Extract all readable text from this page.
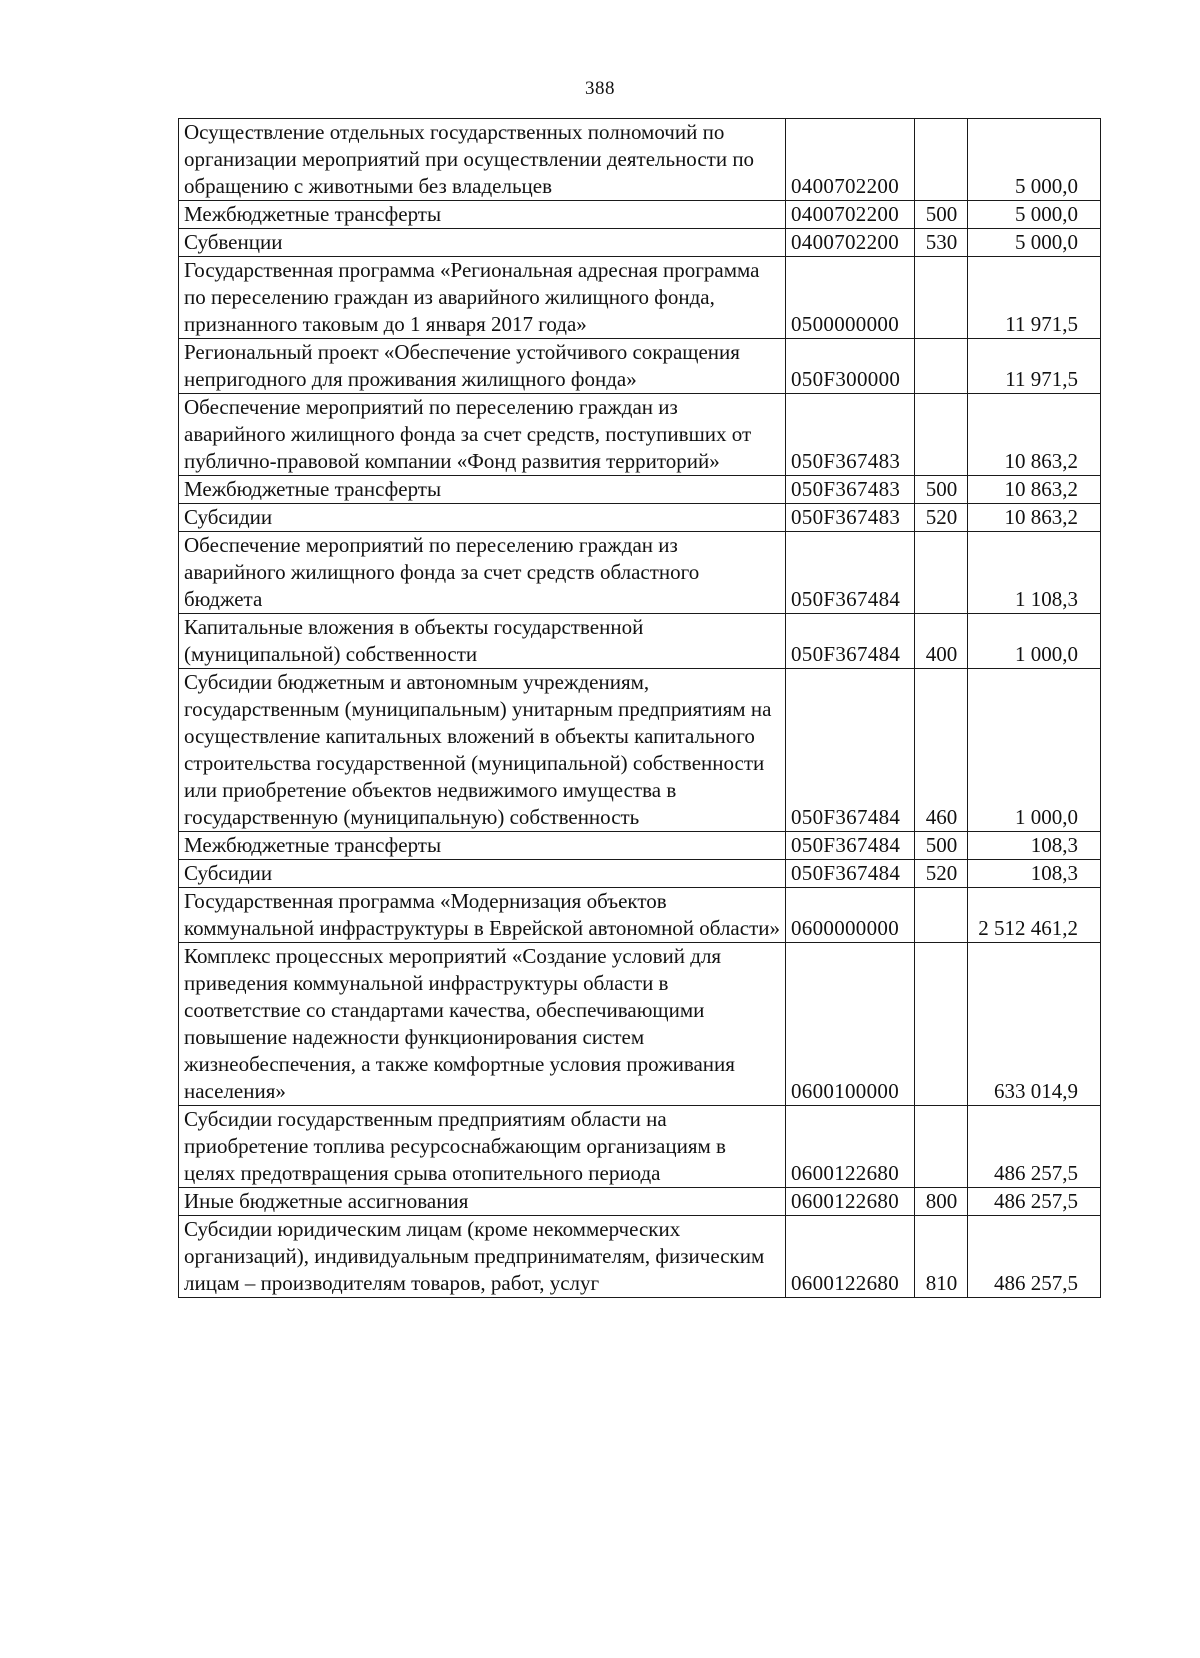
388
Осуществление отдельных государственных полномочий по организации мероприятий при осуществлении деятельности по обращению с животными без владельцев	0400702200		5 000,0
Межбюджетные трансферты	0400702200	500	5 000,0
Субвенции	0400702200	530	5 000,0
Государственная программа «Региональная адресная программа по переселению граждан из аварийного жилищного фонда, признанного таковым до 1 января 2017 года»	0500000000		11 971,5
Региональный проект «Обеспечение устойчивого сокращения непригодного для проживания жилищного фонда»	050F300000		11 971,5
Обеспечение мероприятий по переселению граждан из аварийного жилищного фонда за счет средств, поступивших от публично-правовой компании «Фонд развития территорий»	050F367483		10 863,2
Межбюджетные трансферты	050F367483	500	10 863,2
Субсидии	050F367483	520	10 863,2
Обеспечение мероприятий по переселению граждан из аварийного жилищного фонда за счет средств областного бюджета	050F367484		1 108,3
Капитальные вложения в объекты государственной (муниципальной) собственности	050F367484	400	1 000,0
Субсидии бюджетным и автономным учреждениям, государственным (муниципальным) унитарным предприятиям на осуществление капитальных вложений в объекты капитального строительства государственной (муниципальной) собственности или приобретение объектов недвижимого имущества в государственную (муниципальную) собственность	050F367484	460	1 000,0
Межбюджетные трансферты	050F367484	500	108,3
Субсидии	050F367484	520	108,3
Государственная программа «Модернизация объектов коммунальной инфраструктуры в Еврейской автономной области»	0600000000		2 512 461,2
Комплекс процессных мероприятий «Создание условий для приведения коммунальной инфраструктуры области в соответствие со стандартами качества, обеспечивающими повышение надежности функционирования систем жизнеобеспечения, а также комфортные условия проживания населения»	0600100000		633 014,9
Субсидии государственным предприятиям области на приобретение топлива ресурсоснабжающим организациям в целях предотвращения срыва отопительного периода	0600122680		486 257,5
Иные бюджетные ассигнования	0600122680	800	486 257,5
Субсидии юридическим лицам (кроме некоммерческих организаций), индивидуальным предпринимателям, физическим лицам – производителям товаров, работ, услуг	0600122680	810	486 257,5
